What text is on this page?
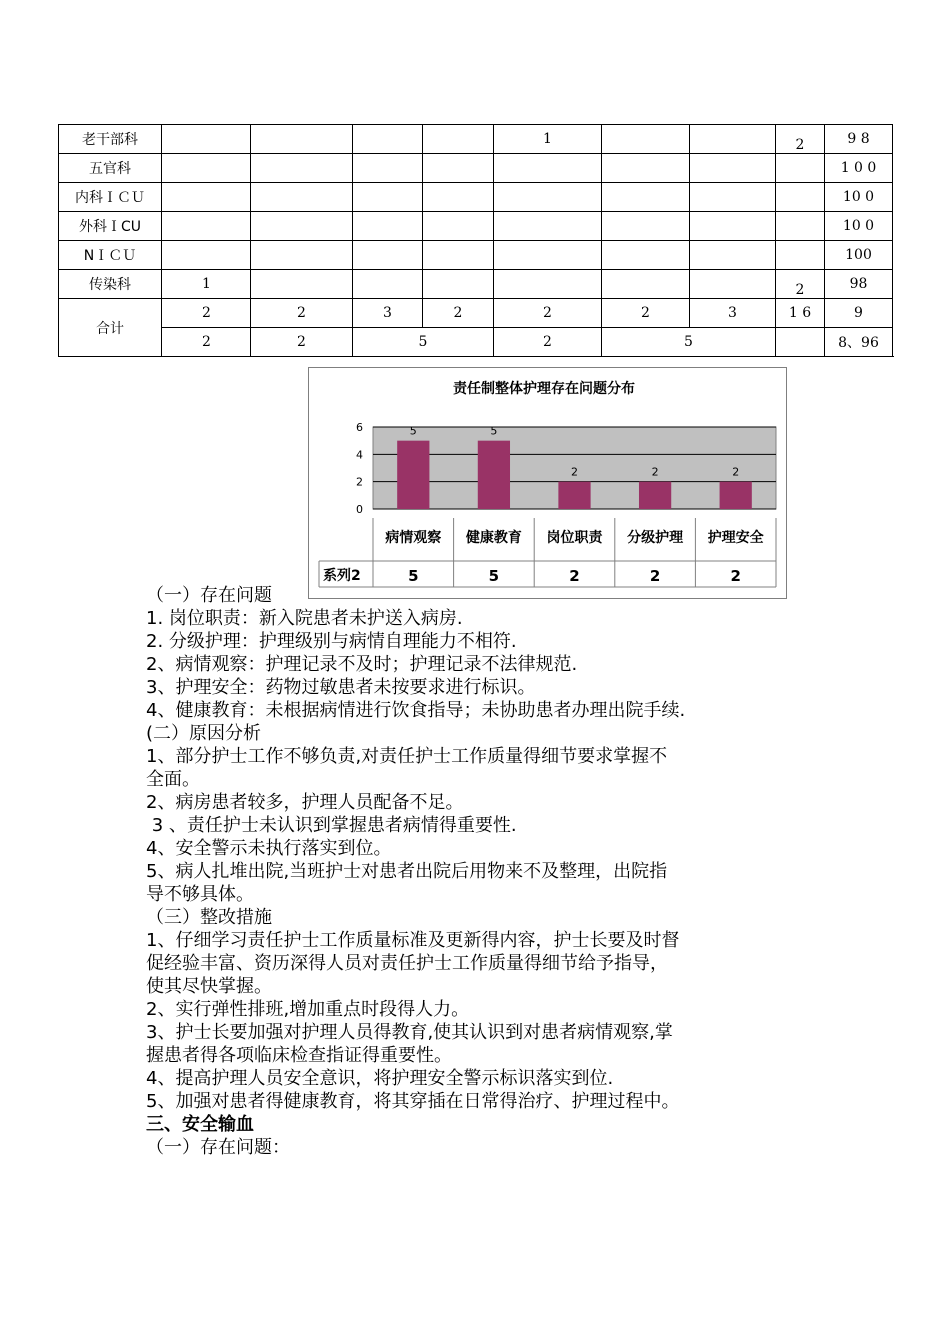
老干部科					1			2	9 8
五官科									1 0 0
内科ＩＣＵ									10 0
外科ＩCU									10 0
NＩＣＵ									100
传染科	1							2	98
合计	2	2	3	2	2	2	3	1 6	9
	2	2	5		2	5			8、96
责任制整体护理存在问题分布
0
2
4
6	5	5
2	2	2
病情观察 健康教育 岗位职责 分级护理 护理安全
系列2	5	5	2	2	2

（一）存在问题

1. 岗位职责：新入院患者未护送入病房.

2. 分级护理：护理级别与病情自理能力不相符.

2、病情观察：护理记录不及时；护理记录不法律规范.

3、护理安全：药物过敏患者未按要求进行标识。

4、健康教育：未根据病情进行饮食指导；未协助患者办理出院手续.

(二）原因分析

1、部分护士工作不够负责,对责任护士工作质量得细节要求掌握不

全面。

2、病房患者较多，护理人员配备不足。

3 、责任护士未认识到掌握患者病情得重要性.

4、安全警示未执行落实到位。

5、病人扎堆出院,当班护士对患者出院后用物来不及整理，出院指

导不够具体。

（三）整改措施

1、仔细学习责任护士工作质量标准及更新得内容，护士长要及时督

促经验丰富、资历深得人员对责任护士工作质量得细节给予指导，

使其尽快掌握。

2、实行弹性排班,增加重点时段得人力。

3、护士长要加强对护理人员得教育,使其认识到对患者病情观察,掌

握患者得各项临床检查指证得重要性。

4、提高护理人员安全意识，将护理安全警示标识落实到位.

5、加强对患者得健康教育，将其穿插在日常得治疗、护理过程中。

三、安全输血

（一）存在问题：
